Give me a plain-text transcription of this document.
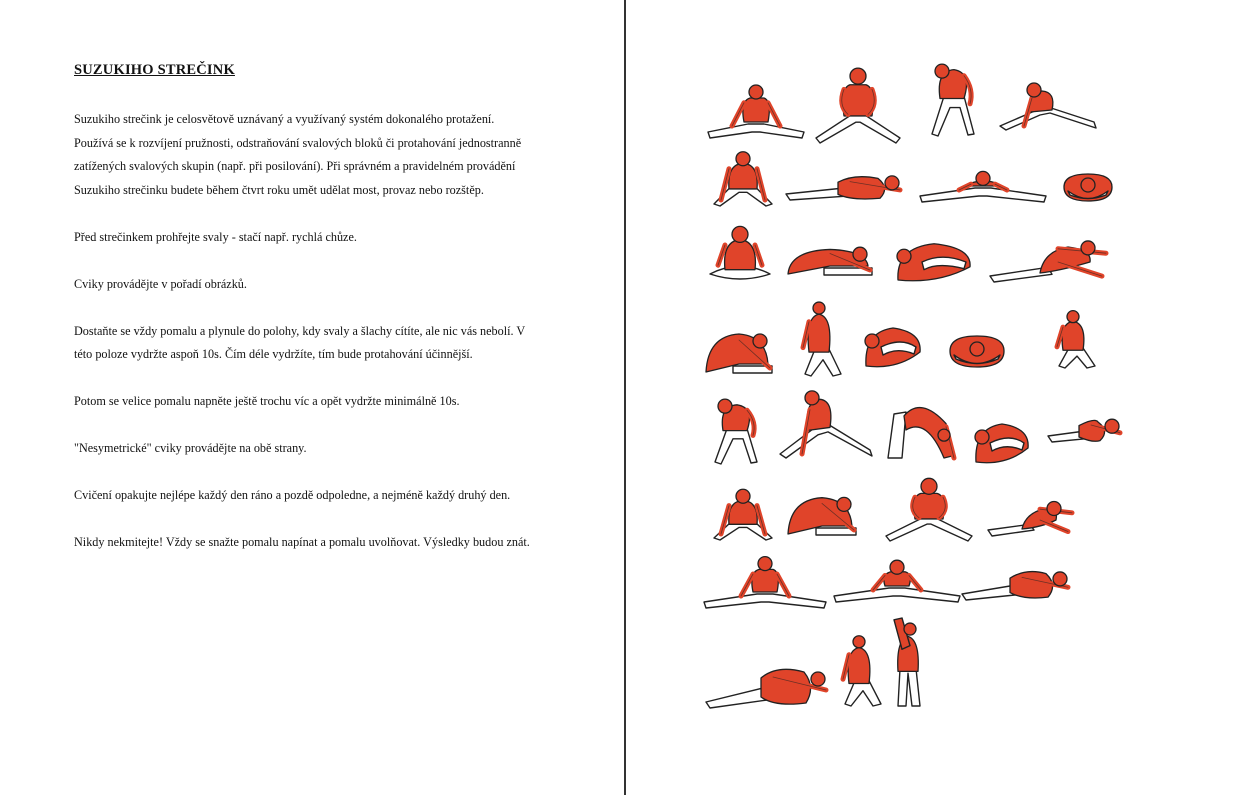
SUZUKIHO STREČINK

Suzukiho strečink je celosvětově uznávaný a využívaný systém dokonalého protažení.
Používá se k rozvíjení pružnosti, odstraňování svalových bloků či protahování jednostranně
zatížených svalových skupin (např. při posilování). Při správném a pravidelném provádění
Suzukiho strečinku budete během čtvrt roku umět udělat most, provaz nebo rozštěp.

Před strečinkem prohřejte svaly - stačí např. rychlá chůze.

Cviky provádějte v pořadí obrázků.

Dostaňte se vždy pomalu a plynule do polohy, kdy svaly a šlachy cítíte, ale nic vás nebolí. V
této poloze vydržte aspoň 10s. Čím déle vydržíte, tím bude protahování účinnější.

Potom se velice pomalu napněte ještě trochu víc a opět vydržte minimálně 10s.

"Nesymetrické" cviky provádějte na obě strany.

Cvičení opakujte nejlépe každý den ráno a pozdě odpoledne, a nejméně každý druhý den.

Nikdy nekmitejte! Vždy se snažte pomalu napínat a pomalu uvolňovat. Výsledky budou znát.
